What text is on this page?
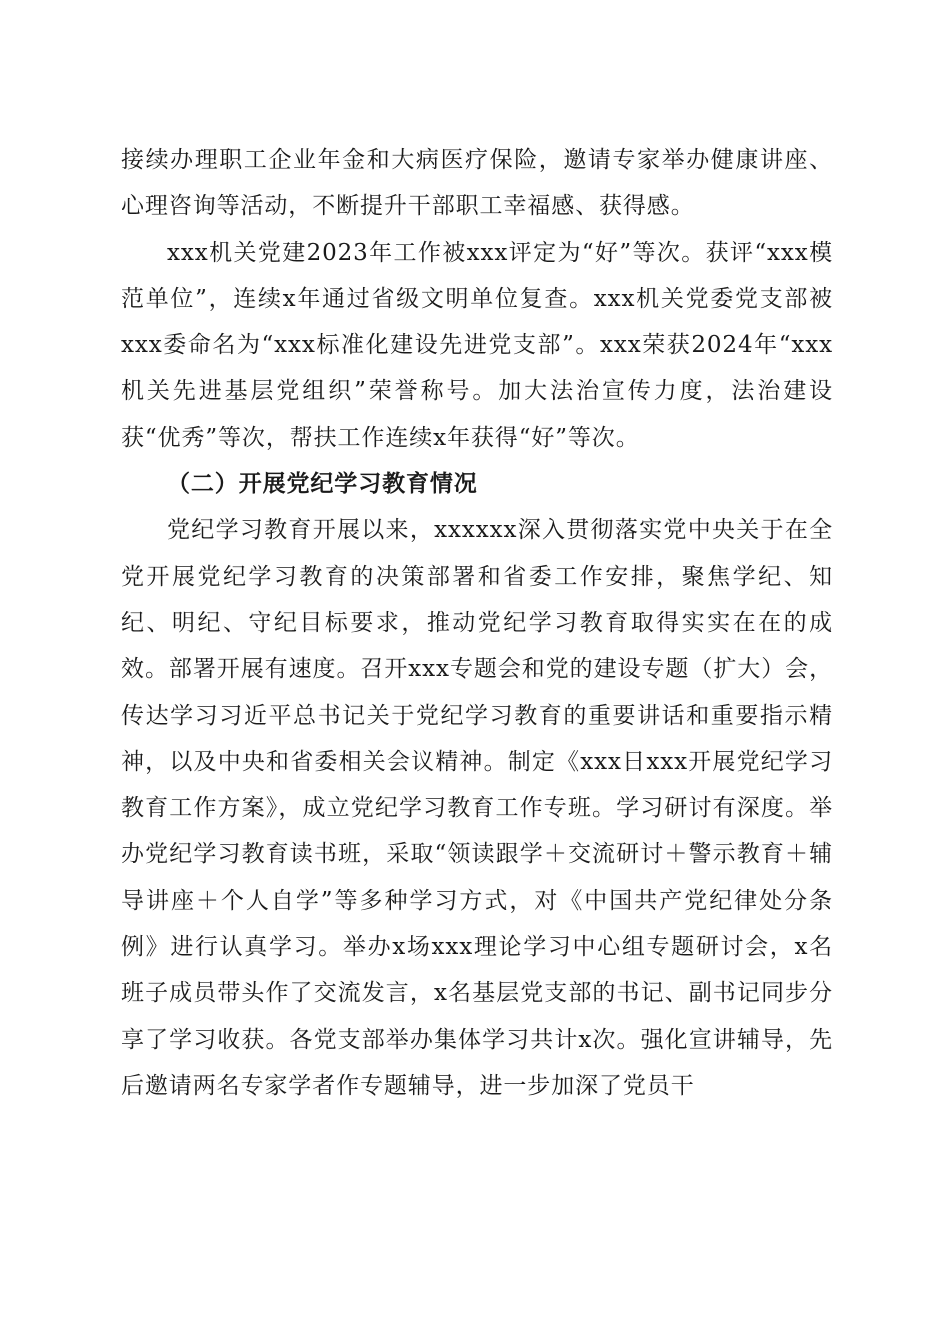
接续办理职工企业年金和大病医疗保险，邀请专家举办健康讲座、心理咨询等活动，不断提升干部职工幸福感、获得感。

xxx机关党建2023年工作被xxx评定为“好”等次。获评“xxx模范单位”，连续x年通过省级文明单位复查。xxx机关党委党支部被xxx委命名为“xxx标准化建设先进党支部”。xxx荣获2024年“xxx机关先进基层党组织”荣誉称号。加大法治宣传力度，法治建设获“优秀”等次，帮扶工作连续x年获得“好”等次。

（二）开展党纪学习教育情况

党纪学习教育开展以来，xxxxxx深入贯彻落实党中央关于在全党开展党纪学习教育的决策部署和省委工作安排，聚焦学纪、知纪、明纪、守纪目标要求，推动党纪学习教育取得实实在在的成效。部署开展有速度。召开xxx专题会和党的建设专题（扩大）会，传达学习习近平总书记关于党纪学习教育的重要讲话和重要指示精神，以及中央和省委相关会议精神。制定《xxx日xxx开展党纪学习教育工作方案》，成立党纪学习教育工作专班。学习研讨有深度。举办党纪学习教育读书班，采取“领读跟学＋交流研讨＋警示教育＋辅导讲座＋个人自学”等多种学习方式，对《中国共产党纪律处分条例》进行认真学习。举办x场xxx理论学习中心组专题研讨会，x名班子成员带头作了交流发言，x名基层党支部的书记、副书记同步分享了学习收获。各党支部举办集体学习共计x次。强化宣讲辅导，先后邀请两名专家学者作专题辅导，进一步加深了党员干
